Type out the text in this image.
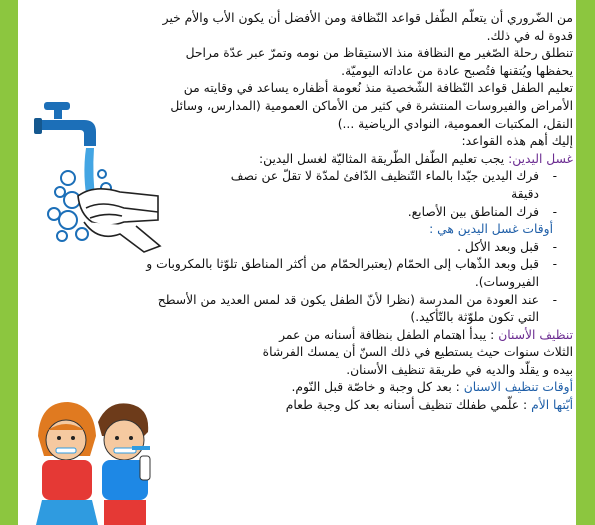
من الضّروري أن يتعلّم الطّفل قواعد النّظافة ومن الأفضل أن يكون الأب والأم خير

قدوة له في ذلك.

تنطلق رحلة الصّغير مع النظافة منذ الاستيقاظ من نومه وتمرّ عبر عدّة مراحل

يحفظها ويُتقنها فتُصبح عادة من عاداته اليوميّة.

تعليم الطفل قواعد النّظافة الشّخصية منذ نُعومة أظفاره يساعد في وقايته من

الأمراض والفيروسات المنتشرة في كثير من الأماكن العمومية (المدارس، وسائل

النقل، المكتبات العمومية، النوادي الرياضية ...)

إليك أهم هذه القواعد:

غسل اليدين: يجب تعليم الطّفل الطّريقة المثاليّة لغسل اليدين:

- فرك اليدين جيّدا بالماء التّنظيف الدّافئ لمدّة لا تقلّ عن نصف
دقيقة
- فرك المناطق بين الأصابع.

أوقات غسل اليدين هي :

- قبل وبعد الأكل .
- قبل وبعد الذّهاب إلى الحمّام (يعتبرالحمّام من أكثر المناطق تلوّثا بالمكروبات و
الفيروسات).
- عند العودة من المدرسة (نظرا لأنّ الطفل يكون قد لمس العديد من الأسطح
التي تكون ملوّثة بالتّأكيد.)

تنظيف الأسنان : يبدأ اهتمام الطفل بنظافة أسنانه من عمر

الثلاث سنوات حيث يستطيع في ذلك السنّ أن يمسك الفرشاة

بيده و يقلّد والديه في طريقة تنظيف الأسنان.

أوقات تنظيف الاسنان : بعد كل وجبة و خاصّة قبل النّوم.

أيّتها الأم : علّمي طفلك تنظيف أسنانه بعد كل وجبة طعام
